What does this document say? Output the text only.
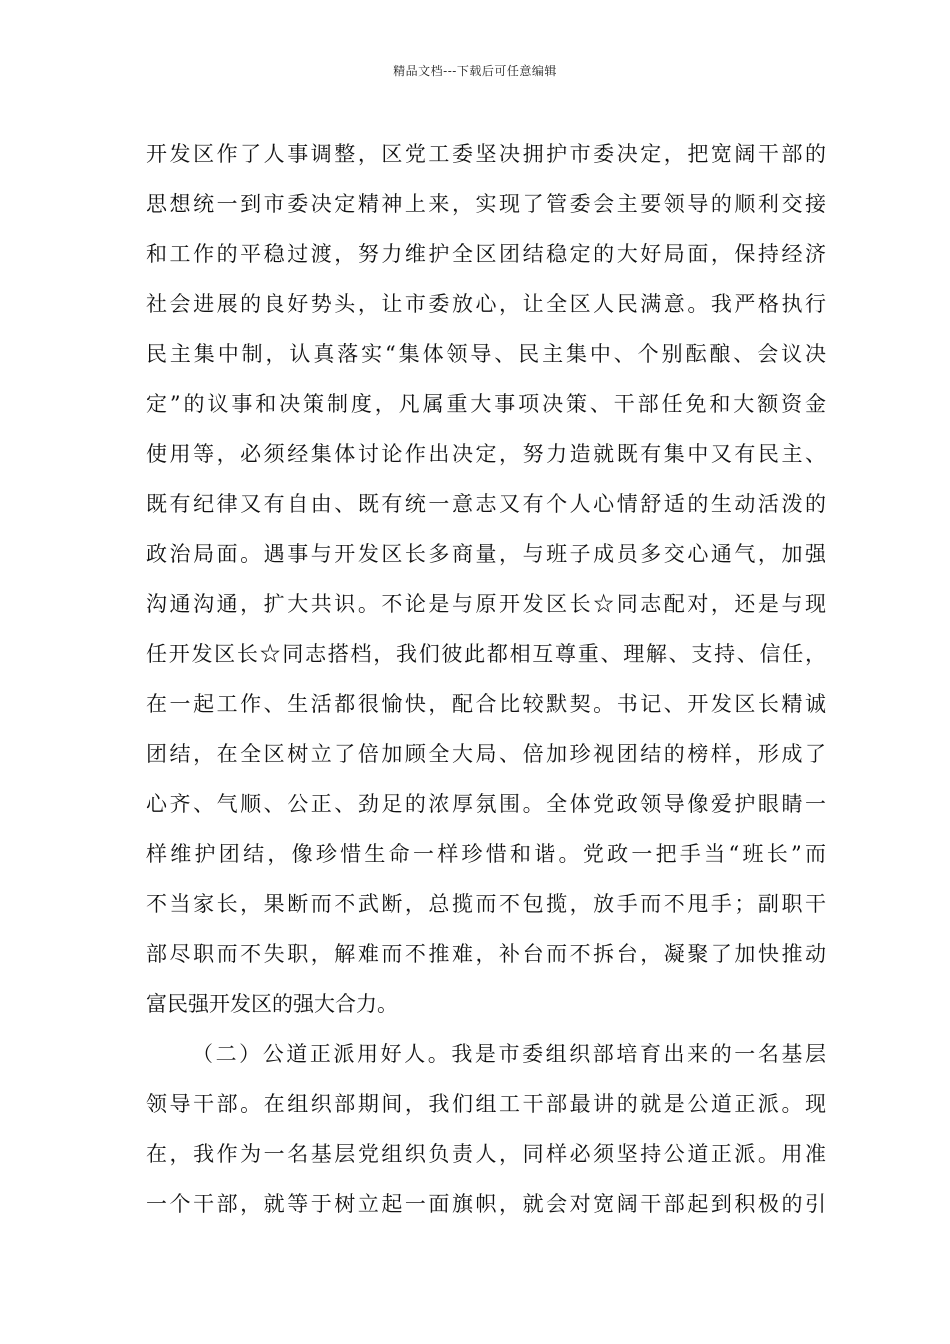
精品文档---下载后可任意编辑
开发区作了人事调整，区党工委坚决拥护市委决定，把宽阔干部的
思想统一到市委决定精神上来，实现了管委会主要领导的顺利交接
和工作的平稳过渡，努力维护全区团结稳定的大好局面，保持经济
社会进展的良好势头，让市委放心，让全区人民满意。我严格执行
民主集中制，认真落实“集体领导、民主集中、个别酝酿、会议决
定”的议事和决策制度，凡属重大事项决策、干部任免和大额资金
使用等，必须经集体讨论作出决定，努力造就既有集中又有民主、
既有纪律又有自由、既有统一意志又有个人心情舒适的生动活泼的
政治局面。遇事与开发区长多商量，与班子成员多交心通气，加强
沟通沟通，扩大共识。不论是与原开发区长☆同志配对，还是与现
任开发区长☆同志搭档，我们彼此都相互尊重、理解、支持、信任，
在一起工作、生活都很愉快，配合比较默契。书记、开发区长精诚
团结，在全区树立了倍加顾全大局、倍加珍视团结的榜样，形成了
心齐、气顺、公正、劲足的浓厚氛围。全体党政领导像爱护眼睛一
样维护团结，像珍惜生命一样珍惜和谐。党政一把手当“班长”而
不当家长，果断而不武断，总揽而不包揽，放手而不甩手；副职干
部尽职而不失职，解难而不推难，补台而不拆台，凝聚了加快推动
富民强开发区的强大合力。
（二）公道正派用好人。我是市委组织部培育出来的一名基层
领导干部。在组织部期间，我们组工干部最讲的就是公道正派。现
在，我作为一名基层党组织负责人，同样必须坚持公道正派。用准
一个干部，就等于树立起一面旗帜，就会对宽阔干部起到积极的引
